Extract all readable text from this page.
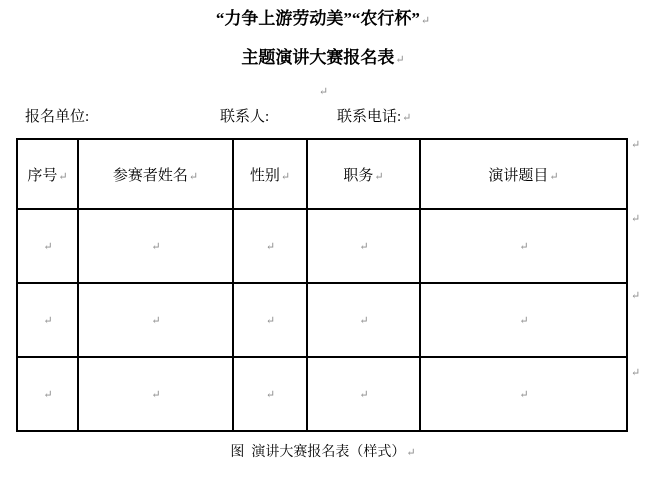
“力争上游劳动美”“农行杯”↵
主题演讲大赛报名表↵
↵
报名单位:	联系人:	联系电话:↵
序号↵	参赛者姓名↵	性别↵	职务↵	演讲题目↵
↵	↵	↵	↵	↵
↵	↵	↵	↵	↵
↵	↵	↵	↵	↵
↵
↵
↵
↵
图  演讲大赛报名表（样式）↵
